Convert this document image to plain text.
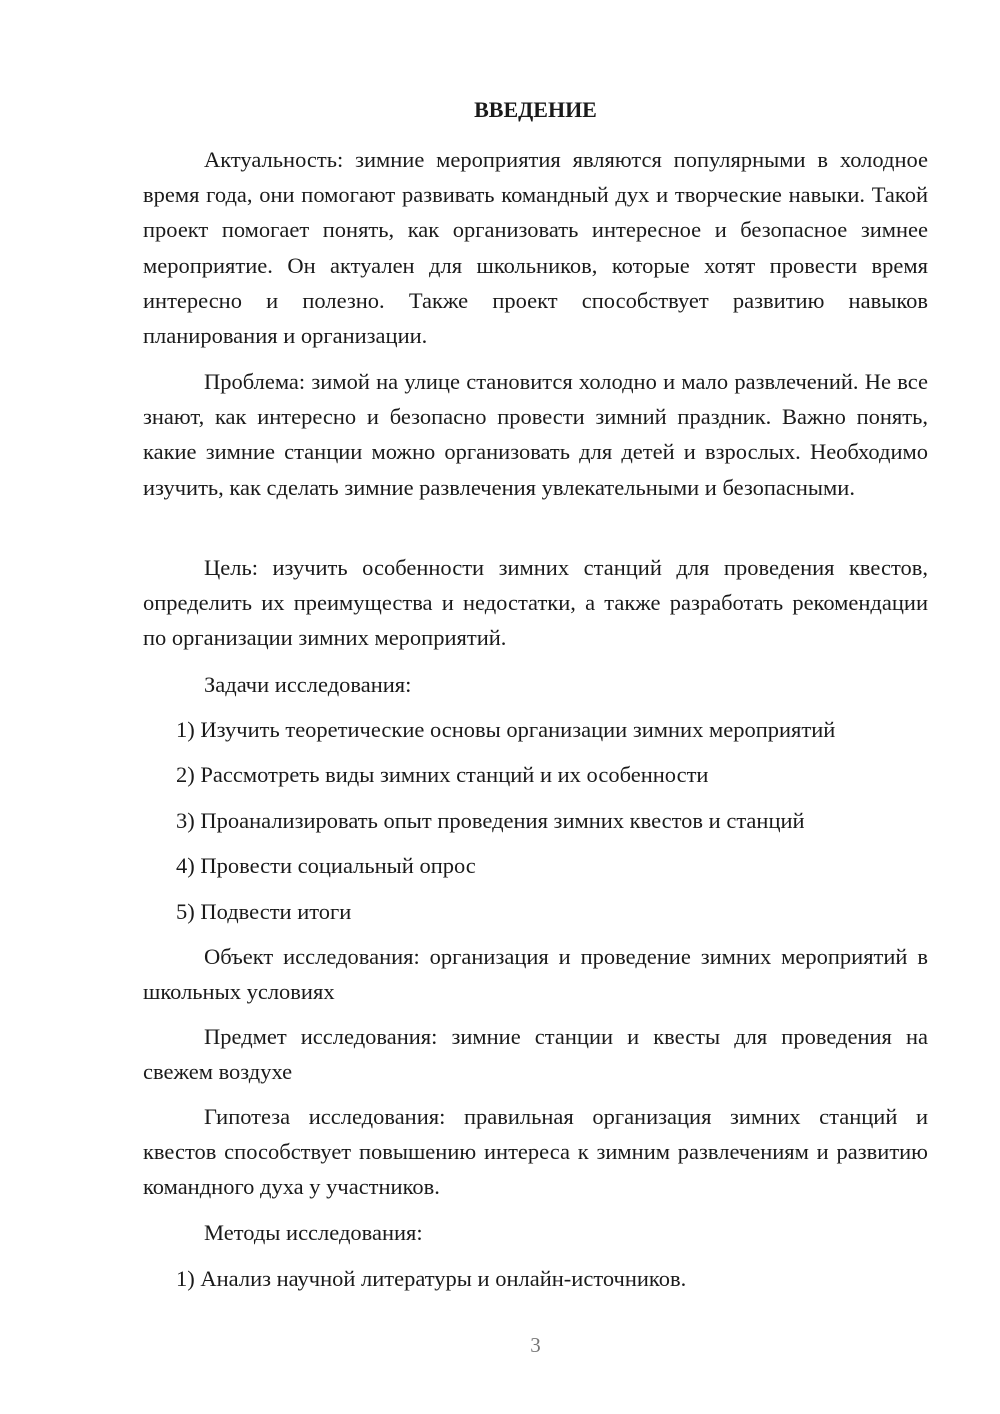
ВВЕДЕНИЕ

Актуальность: зимние мероприятия являются популярными в холодное время года, они помогают развивать командный дух и творческие навыки. Такой проект помогает понять, как организовать интересное и безопасное зимнее мероприятие. Он актуален для школьников, которые хотят провести время интересно и полезно. Также проект способствует развитию навыков планирования и организации.

Проблема: зимой на улице становится холодно и мало развлечений. Не все знают, как интересно и безопасно провести зимний праздник. Важно понять, какие зимние станции можно организовать для детей и взрослых. Необходимо изучить, как сделать зимние развлечения увлекательными и безопасными.

Цель: изучить особенности зимних станций для проведения квестов, определить их преимущества и недостатки, а также разработать рекомендации по организации зимних мероприятий.

Задачи исследования:

1) Изучить теоретические основы организации зимних мероприятий

2) Рассмотреть виды зимних станций и их особенности

3) Проанализировать опыт проведения зимних квестов и станций

4) Провести социальный опрос

5) Подвести итоги

Объект исследования: организация и проведение зимних мероприятий в школьных условиях

Предмет исследования: зимние станции и квесты для проведения на свежем воздухе

Гипотеза исследования: правильная организация зимних станций и квестов способствует повышению интереса к зимним развлечениям и развитию командного духа у участников.

Методы исследования:

1) Анализ научной литературы и онлайн-источников.

3
